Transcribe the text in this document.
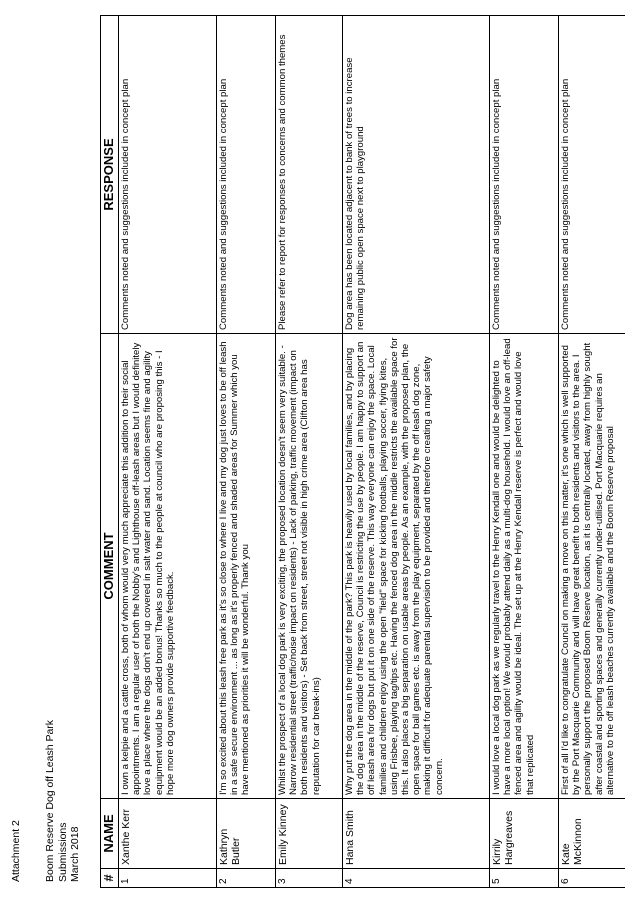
Attachment 2 Boom Reserve Dog off Leash Park Submissions March 2018 #	NAME	COMMENT	RESPONSE
1	Xanthe Kerr	I own a kelpie and a cattle cross, both of whom would very much appreciate this addition to their social appointments. I am a regular user of both the Nobby's and Lighthouse off-leash areas but I would definitely love a place where the dogs don't end up covered in salt water and sand. Location seems fine and agility equipment would be an added bonus! Thanks so much to the people at council who are proposing this - I hope more dog owners provide supportive feedback.	Comments noted and suggestions included in concept plan
2	Kathryn Butler	I'm so excited about this leash free park as it's so close to where I live and my dog just loves to be off leash in a safe secure environment ... as long as it's properly fenced and shaded areas for Summer which you have mentioned as priorities it will be wonderful. Thank you	Comments noted and suggestions included in concept plan
3	Emily Kinney	Whilst the prospect of a local dog park is very exciting, the proposed location doesn't seem very suitable. - Narrow residential street (traffic/noise impact on residents) - Lack of parking, traffic movement (impact on both residents and visitors) - Set back from street, street not visible in high crime area (Clifton area has reputation for car break-ins)	Please refer to report for responses to concerns and common themes
4	Hana Smith	Why put the dog area in the middle of the park? This park is heavily used by local families, and by placing the dog area in the middle of the reserve, Council is restricting the use by people. I am happy to support an off leash area for dogs but put it on one side of the reserve. This way everyone can enjoy the space. Local families and children enjoy using the open "field" space for kicking footballs, playing soccer, flying kites, using Frisbee, playing tag/tips etc. Having the fenced dog area in the middle restricts the available space for this. It also places a big separation on usable areas by people. As an example, with the proposed plan, the open space for ball games etc. is away from the play equipment, separated by the off leash dog zone, making it difficult for adequate parental supervision to be provided and therefore creating a major safety concern.	Dog area has been located adjacent to bank of trees to increase remaining public open space next to playground
5	Kirrily Hargreaves	I would love a local dog park as we regularly travel to the Henry Kendall one and would be delighted to have a more local option! We would probably attend daily as a multi-dog household. I would love an off-lead fenced area and agility would be ideal. The set up at the Henry Kendall reserve is perfect and would love that replicated	Comments noted and suggestions included in concept plan
6	Kate McKinnon	First of all I'd like to congratulate Council on making a move on this matter, it's one which is well supported by the Port Macquarie Community and will have great benefit to both residents and visitors to the area. I personally support the proposed Boom Reserve location, as it is centrally located, away from highly sought after coastal and sporting spaces and generally currently under-utilised. Port Macquarie requires an alternative to the off leash beaches currently available and the Boom Reserve proposal	Comments noted and suggestions included in concept plan
